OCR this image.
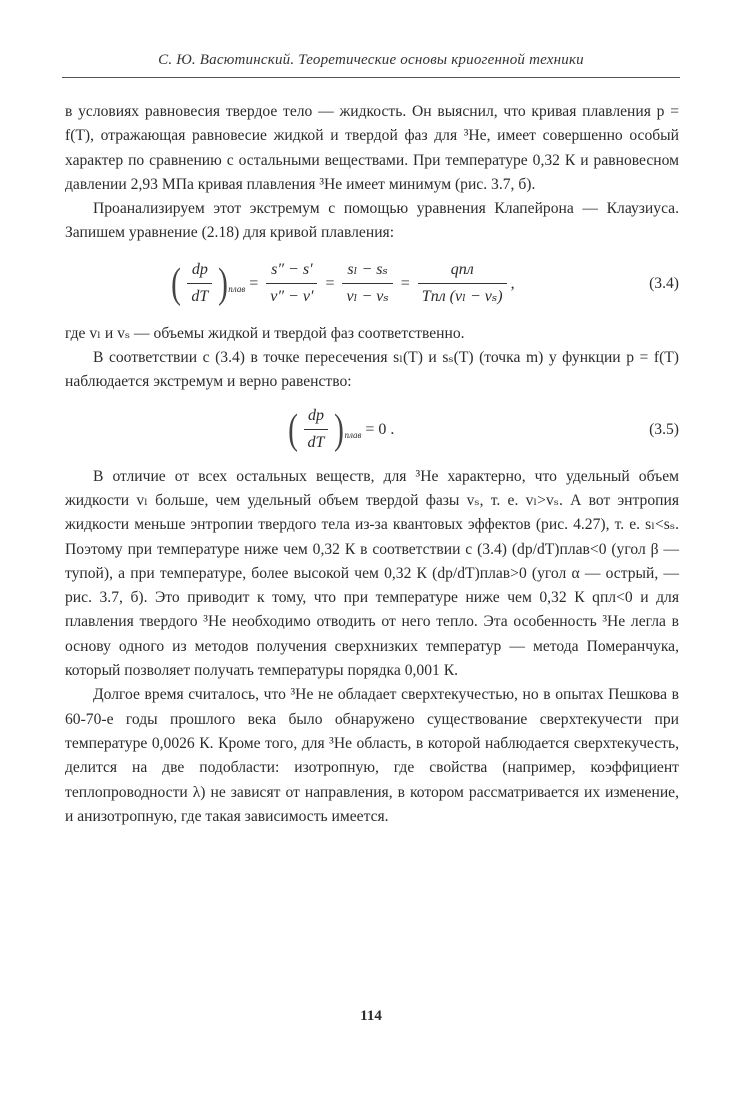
С. Ю. Васютинский. Теоретические основы криогенной техники

в условиях равновесия твердое тело — жидкость. Он выяснил, что кривая плавления p = f(T), отражающая равновесие жидкой и твердой фаз для ³He, имеет совершенно особый характер по сравнению с остальными веществами. При температуре 0,32 К и равновесном давлении 2,93 МПа кривая плавления ³He имеет минимум (рис. 3.7, б).

Проанализируем этот экстремум с помощью уравнения Клапейрона — Клаузиуса. Запишем уравнение (2.18) для кривой плавления:

( $\frac{dp}{dT}$ ) плав = $\frac{s'' - s'}{v'' - v'} = \frac{\text{sₗ − sₛ}}{\text{vₗ − vₛ}} = \frac{\text{qпл}}{\text{Tпл (vₗ − vₛ)}}$ ,	(3.4)

где vₗ и vₛ — объемы жидкой и твердой фаз соответственно.

В соответствии с (3.4) в точке пересечения sₗ(T) и sₛ(T) (точка m) у функции p = f(T) наблюдается экстремум и верно равенство:

( $\frac{dp}{dT}$ ) плав = 0 .	(3.5)

В отличие от всех остальных веществ, для ³He характерно, что удельный объем жидкости vₗ больше, чем удельный объем твердой фазы vₛ, т. е. vₗ>vₛ. А вот энтропия жидкости меньше энтропии твердого тела из-за квантовых эффектов (рис. 4.27), т. е. sₗ<sₛ. Поэтому при температуре ниже чем 0,32 К в соответствии с (3.4) (dp/dT)плав<0 (угол β — тупой), а при температуре, более высокой чем 0,32 К (dp/dT)плав>0 (угол α — острый, — рис. 3.7, б). Это приводит к тому, что при температуре ниже чем 0,32 К qпл<0 и для плавления твердого ³He необходимо отводить от него тепло. Эта особенность ³He легла в основу одного из методов получения сверхнизких температур — метода Померанчука, который позволяет получать температуры порядка 0,001 К.

Долгое время считалось, что ³He не обладает сверхтекучестью, но в опытах Пешкова в 60-70-е годы прошлого века было обнаружено существование сверхтекучести при температуре 0,0026 К. Кроме того, для ³He область, в которой наблюдается сверхтекучесть, делится на две подобласти: изотропную, где свойства (например, коэффициент теплопроводности λ) не зависят от направления, в котором рассматривается их изменение, и анизотропную, где такая зависимость имеется.

114
